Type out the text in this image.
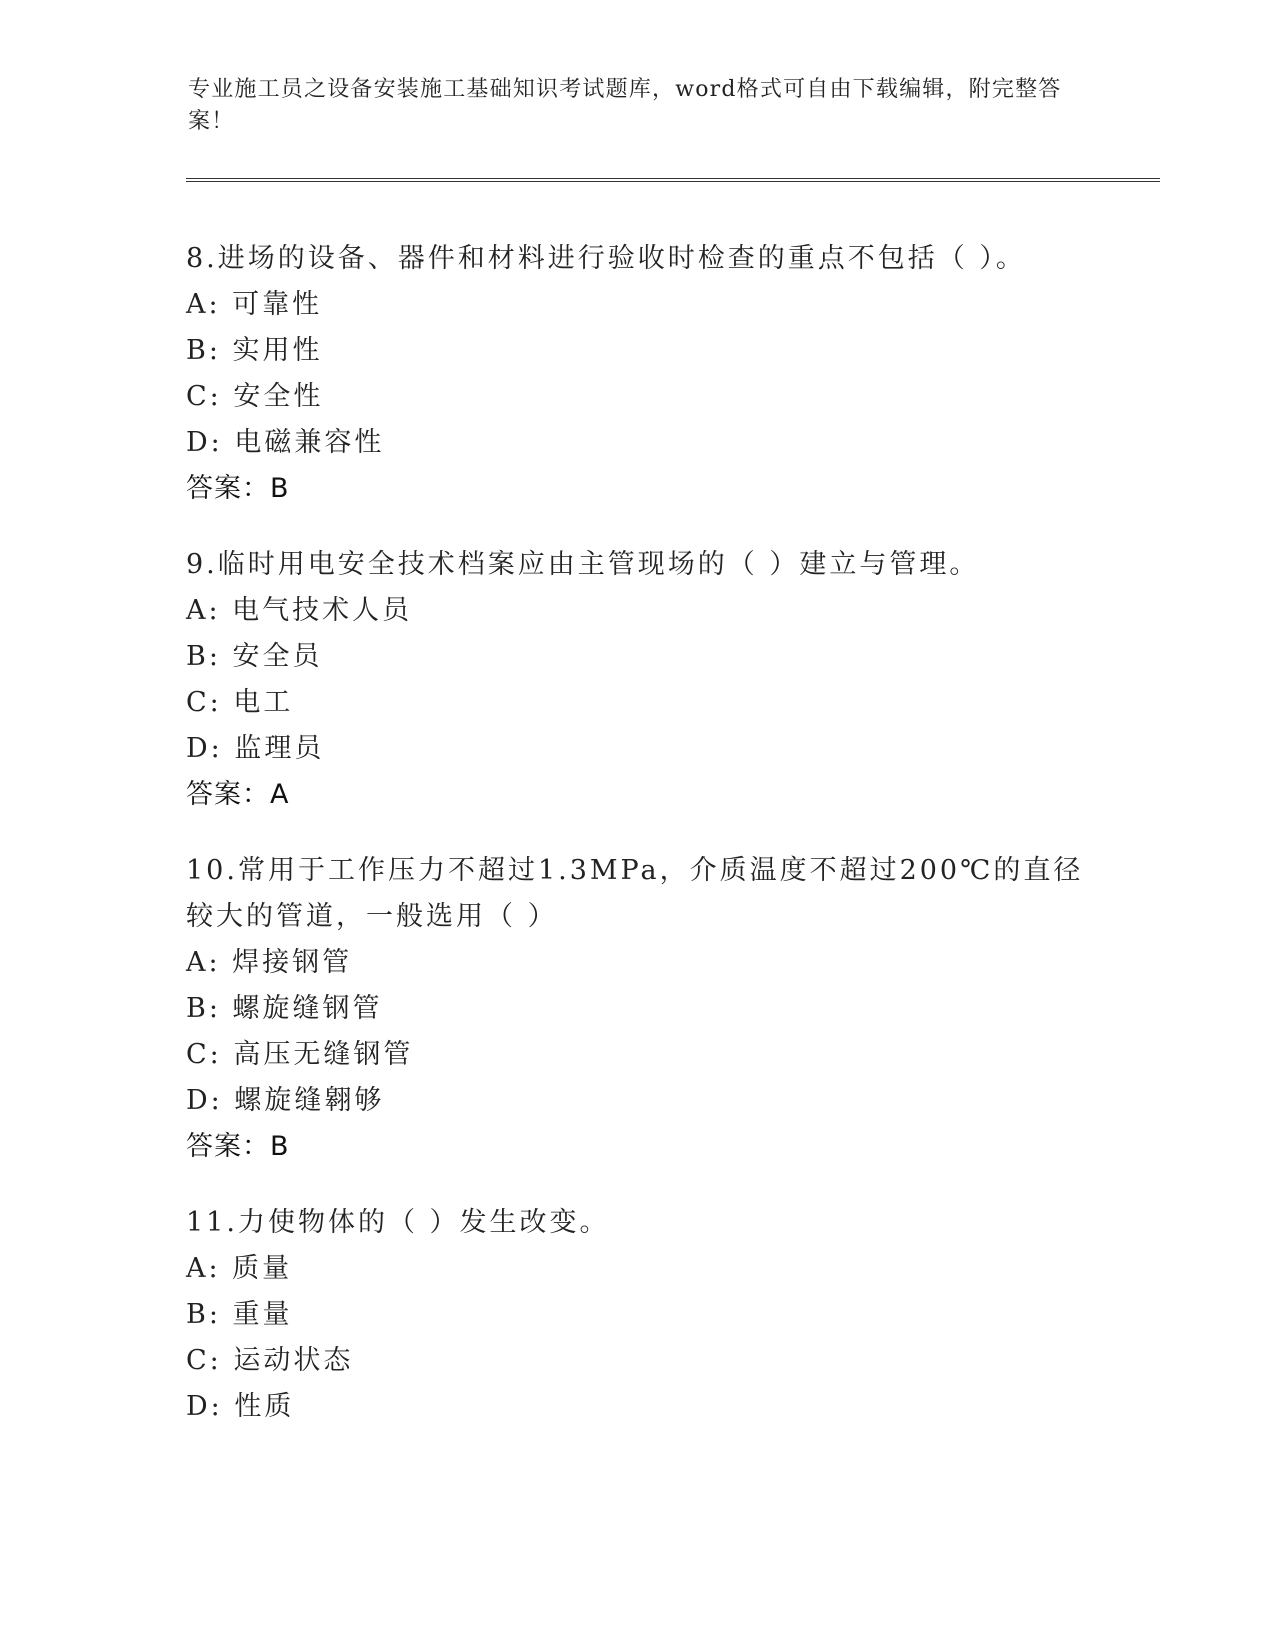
专业施工员之设备安装施工基础知识考试题库，word格式可自由下载编辑，附完整答案！
8.进场的设备、器件和材料进行验收时检查的重点不包括（ ）。
A: 可靠性
B: 实用性
C: 安全性
D: 电磁兼容性
答案：B
9.临时用电安全技术档案应由主管现场的（ ）建立与管理。
A: 电气技术人员
B: 安全员
C: 电工
D: 监理员
答案：A
10.常用于工作压力不超过1.3MPa，介质温度不超过200℃的直径较大的管道，一般选用（ ）
A: 焊接钢管
B: 螺旋缝钢管
C: 高压无缝钢管
D: 螺旋缝翱够
答案：B
11.力使物体的（ ）发生改变。
A: 质量
B: 重量
C: 运动状态
D: 性质
